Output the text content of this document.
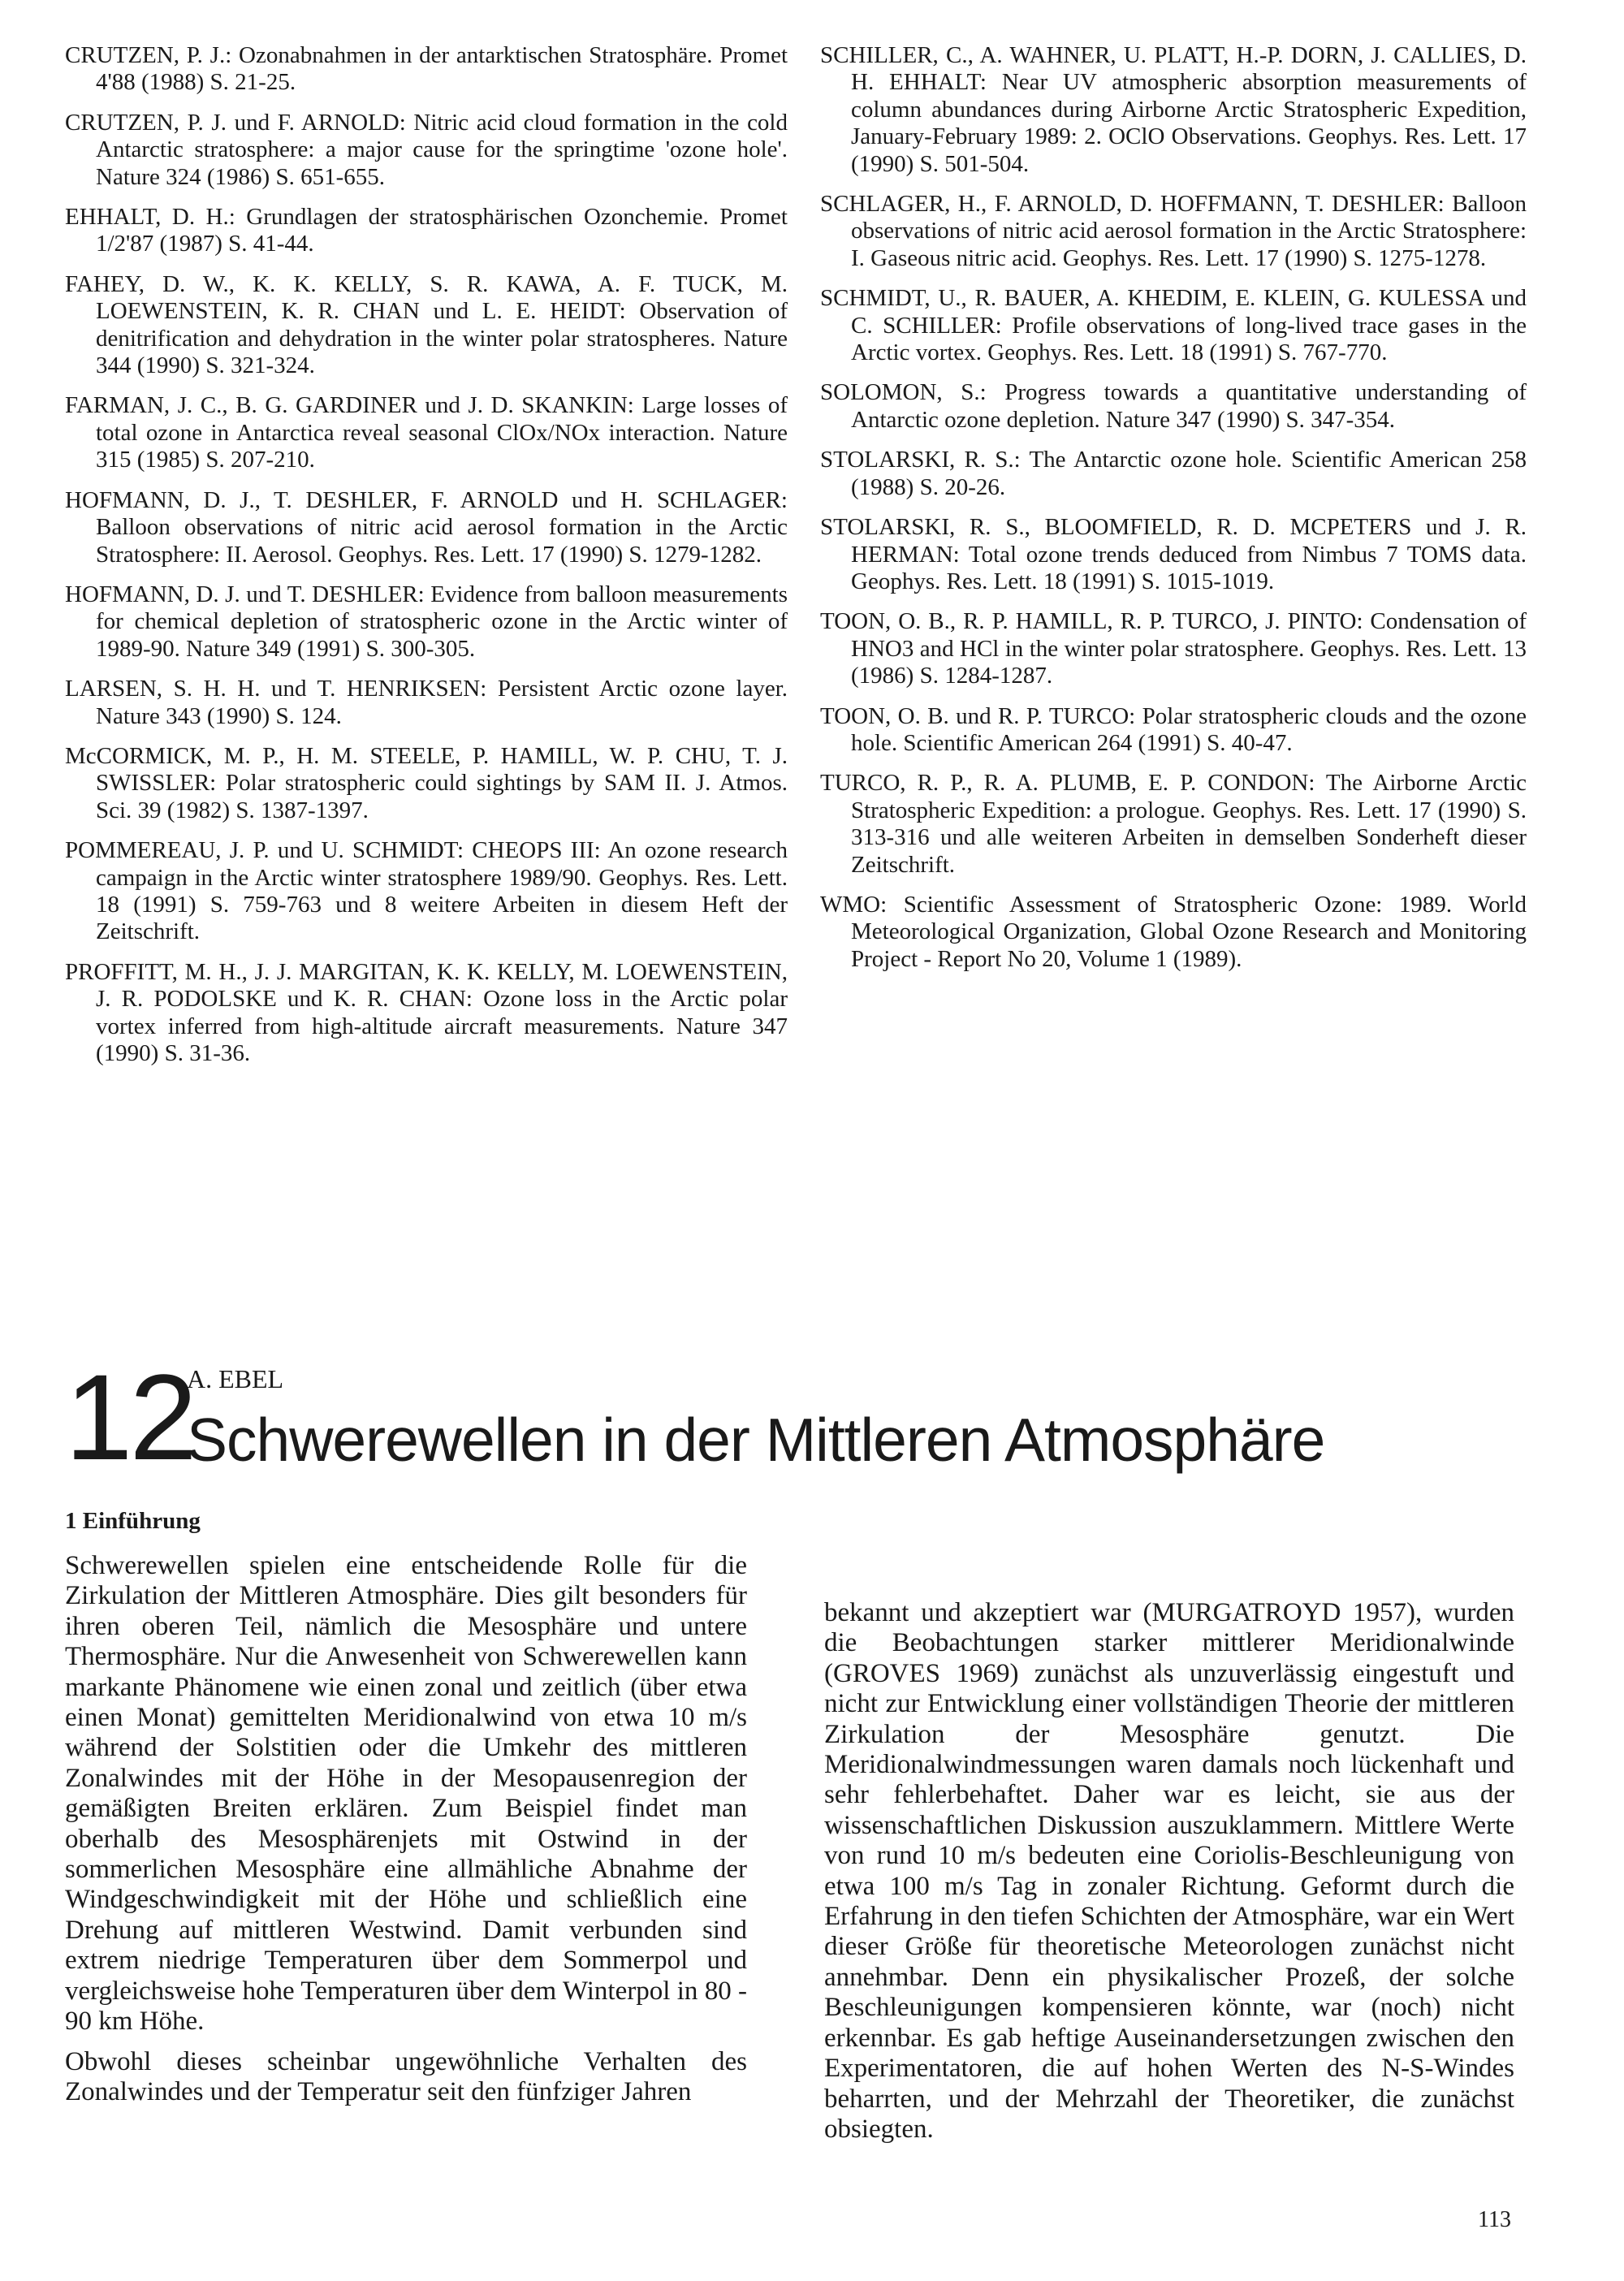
CRUTZEN, P. J.: Ozonabnahmen in der antarktischen Stratosphäre. Promet 4'88 (1988) S. 21-25.

CRUTZEN, P. J. und F. ARNOLD: Nitric acid cloud formation in the cold Antarctic stratosphere: a major cause for the springtime 'ozone hole'. Nature 324 (1986) S. 651-655.

EHHALT, D. H.: Grundlagen der stratosphärischen Ozonchemie. Promet 1/2'87 (1987) S. 41-44.

FAHEY, D. W., K. K. KELLY, S. R. KAWA, A. F. TUCK, M. LOEWENSTEIN, K. R. CHAN und L. E. HEIDT: Observation of denitrification and dehydration in the winter polar stratospheres. Nature 344 (1990) S. 321-324.

FARMAN, J. C., B. G. GARDINER und J. D. SKANKIN: Large losses of total ozone in Antarctica reveal seasonal ClOx/NOx interaction. Nature 315 (1985) S. 207-210.

HOFMANN, D. J., T. DESHLER, F. ARNOLD und H. SCHLAGER: Balloon observations of nitric acid aerosol formation in the Arctic Stratosphere: II. Aerosol. Geophys. Res. Lett. 17 (1990) S. 1279-1282.

HOFMANN, D. J. und T. DESHLER: Evidence from balloon measurements for chemical depletion of stratospheric ozone in the Arctic winter of 1989-90. Nature 349 (1991) S. 300-305.

LARSEN, S. H. H. und T. HENRIKSEN: Persistent Arctic ozone layer. Nature 343 (1990) S. 124.

McCORMICK, M. P., H. M. STEELE, P. HAMILL, W. P. CHU, T. J. SWISSLER: Polar stratospheric could sightings by SAM II. J. Atmos. Sci. 39 (1982) S. 1387-1397.

POMMEREAU, J. P. und U. SCHMIDT: CHEOPS III: An ozone research campaign in the Arctic winter stratosphere 1989/90. Geophys. Res. Lett. 18 (1991) S. 759-763 und 8 weitere Arbeiten in diesem Heft der Zeitschrift.

PROFFITT, M. H., J. J. MARGITAN, K. K. KELLY, M. LOEWENSTEIN, J. R. PODOLSKE und K. R. CHAN: Ozone loss in the Arctic polar vortex inferred from high-altitude aircraft measurements. Nature 347 (1990) S. 31-36.

SCHILLER, C., A. WAHNER, U. PLATT, H.-P. DORN, J. CALLIES, D. H. EHHALT: Near UV atmospheric absorption measurements of column abundances during Airborne Arctic Stratospheric Expedition, January-February 1989: 2. OClO Observations. Geophys. Res. Lett. 17 (1990) S. 501-504.

SCHLAGER, H., F. ARNOLD, D. HOFFMANN, T. DESHLER: Balloon observations of nitric acid aerosol formation in the Arctic Stratosphere: I. Gaseous nitric acid. Geophys. Res. Lett. 17 (1990) S. 1275-1278.

SCHMIDT, U., R. BAUER, A. KHEDIM, E. KLEIN, G. KULESSA und C. SCHILLER: Profile observations of long-lived trace gases in the Arctic vortex. Geophys. Res. Lett. 18 (1991) S. 767-770.

SOLOMON, S.: Progress towards a quantitative understanding of Antarctic ozone depletion. Nature 347 (1990) S. 347-354.

STOLARSKI, R. S.: The Antarctic ozone hole. Scientific American 258 (1988) S. 20-26.

STOLARSKI, R. S., BLOOMFIELD, R. D. MCPETERS und J. R. HERMAN: Total ozone trends deduced from Nimbus 7 TOMS data. Geophys. Res. Lett. 18 (1991) S. 1015-1019.

TOON, O. B., R. P. HAMILL, R. P. TURCO, J. PINTO: Condensation of HNO3 and HCl in the winter polar stratosphere. Geophys. Res. Lett. 13 (1986) S. 1284-1287.

TOON, O. B. und R. P. TURCO: Polar stratospheric clouds and the ozone hole. Scientific American 264 (1991) S. 40-47.

TURCO, R. P., R. A. PLUMB, E. P. CONDON: The Airborne Arctic Stratospheric Expedition: a prologue. Geophys. Res. Lett. 17 (1990) S. 313-316 und alle weiteren Arbeiten in demselben Sonderheft dieser Zeitschrift.

WMO: Scientific Assessment of Stratospheric Ozone: 1989. World Meteorological Organization, Global Ozone Research and Monitoring Project - Report No 20, Volume 1 (1989).

12
A. EBEL
Schwerewellen in der Mittleren Atmosphäre
1 Einführung

Schwerewellen spielen eine entscheidende Rolle für die Zirkulation der Mittleren Atmosphäre. Dies gilt besonders für ihren oberen Teil, nämlich die Mesosphäre und untere Thermosphäre. Nur die Anwesenheit von Schwerewellen kann markante Phänomene wie einen zonal und zeitlich (über etwa einen Monat) gemittelten Meridionalwind von etwa 10 m/s während der Solstitien oder die Umkehr des mittleren Zonalwindes mit der Höhe in der Mesopausenregion der gemäßigten Breiten erklären. Zum Beispiel findet man oberhalb des Mesosphärenjets mit Ostwind in der sommerlichen Mesosphäre eine allmähliche Abnahme der Windgeschwindigkeit mit der Höhe und schließlich eine Drehung auf mittleren Westwind. Damit verbunden sind extrem niedrige Temperaturen über dem Sommerpol und vergleichsweise hohe Temperaturen über dem Winterpol in 80 - 90 km Höhe.

Obwohl dieses scheinbar ungewöhnliche Verhalten des Zonalwindes und der Temperatur seit den fünfziger Jahren

bekannt und akzeptiert war (MURGATROYD 1957), wurden die Beobachtungen starker mittlerer Meridionalwinde (GROVES 1969) zunächst als unzuverlässig eingestuft und nicht zur Entwicklung einer vollständigen Theorie der mittleren Zirkulation der Mesosphäre genutzt. Die Meridionalwindmessungen waren damals noch lückenhaft und sehr fehlerbehaftet. Daher war es leicht, sie aus der wissenschaftlichen Diskussion auszuklammern. Mittlere Werte von rund 10 m/s bedeuten eine Coriolis-Beschleunigung von etwa 100 m/s Tag in zonaler Richtung. Geformt durch die Erfahrung in den tiefen Schichten der Atmosphäre, war ein Wert dieser Größe für theoretische Meteorologen zunächst nicht annehmbar. Denn ein physikalischer Prozeß, der solche Beschleunigungen kompensieren könnte, war (noch) nicht erkennbar. Es gab heftige Auseinandersetzungen zwischen den Experimentatoren, die auf hohen Werten des N-S-Windes beharrten, und der Mehrzahl der Theoretiker, die zunächst obsiegten.

113
